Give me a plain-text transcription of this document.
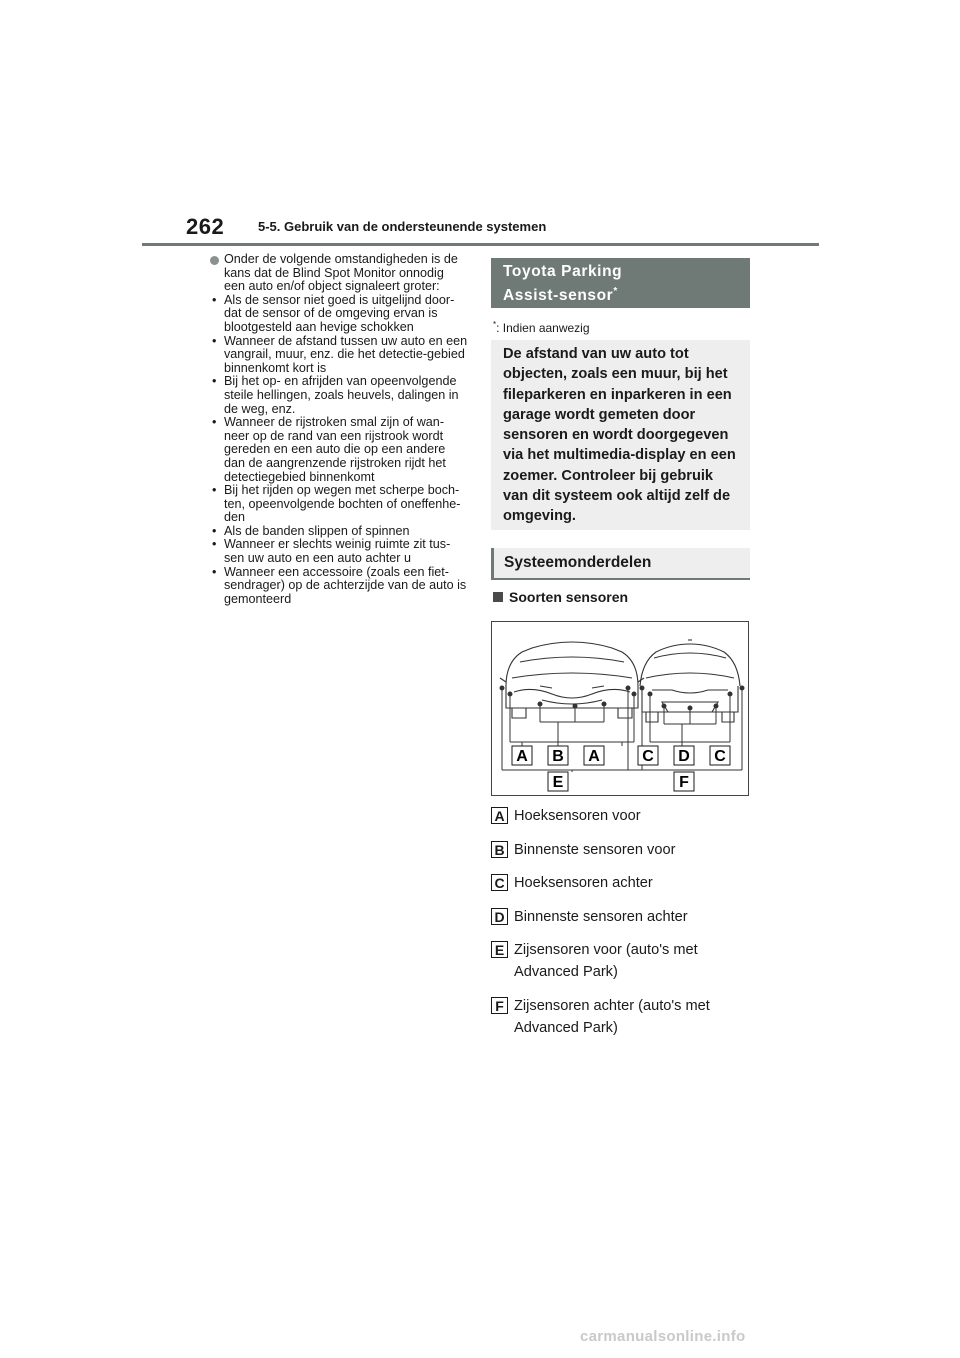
262	5-5. Gebruik van de ondersteunende systemen
Onder de volgende omstandigheden is de kans dat de Blind Spot Monitor onnodig een auto en/of object signaleert groter:
• Als de sensor niet goed is uitgelijnd door-dat de sensor of de omgeving ervan is blootgesteld aan hevige schokken
• Wanneer de afstand tussen uw auto en een vangrail, muur, enz. die het detectie-gebied binnenkomt kort is
• Bij het op- en afrijden van opeenvolgende steile hellingen, zoals heuvels, dalingen in de weg, enz.
• Wanneer de rijstroken smal zijn of wan-neer op de rand van een rijstrook wordt gereden en een auto die op een andere dan de aangrenzende rijstroken rijdt het detectiegebied binnenkomt
• Bij het rijden op wegen met scherpe boch-ten, opeenvolgende bochten of oneffenhe-den
• Als de banden slippen of spinnen
• Wanneer er slechts weinig ruimte zit tus-sen uw auto en een auto achter u
• Wanneer een accessoire (zoals een fiet-sendrager) op de achterzijde van de auto is gemonteerd
Toyota Parking
Assist-sensor*
*: Indien aanwezig
De afstand van uw auto tot objecten, zoals een muur, bij het fileparkeren en inparkeren in een garage wordt gemeten door sensoren en wordt doorgegeven via het multimedia-display en een zoemer. Controleer bij gebruik van dit systeem ook altijd zelf de omgeving.
Systeemonderdelen
Soorten sensoren
A B A	C D C
E	F
A Hoeksensoren voor
B Binnenste sensoren voor
C Hoeksensoren achter
D Binnenste sensoren achter
E Zijsensoren voor (auto's met Advanced Park)
F Zijsensoren achter (auto's met Advanced Park)
carmanualsonline.info
